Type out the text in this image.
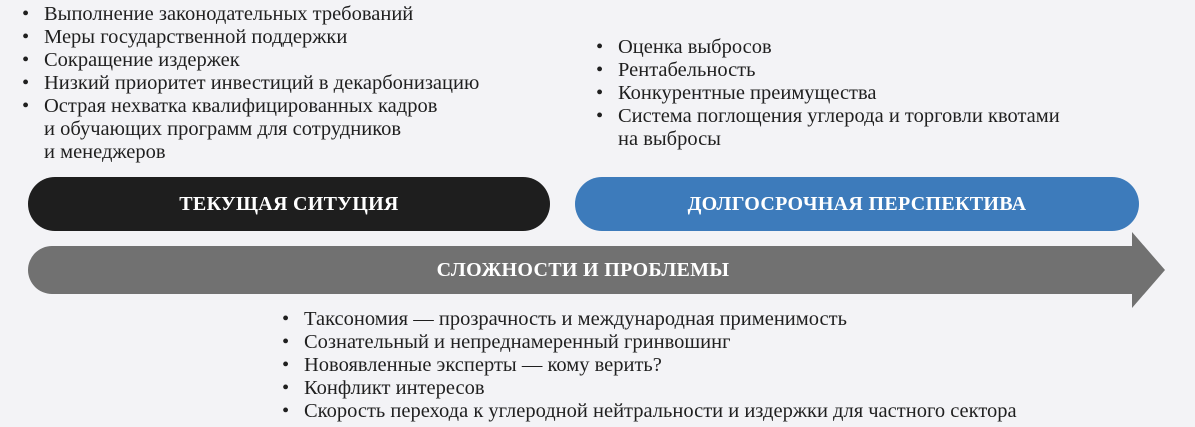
• Выполнение законодательных требований
• Меры государственной поддержки
• Сокращение издержек
• Низкий приоритет инвестиций в декарбонизацию
• Острая нехватка квалифицированных кадров
и обучающих программ для сотрудников
и менеджеров
• Оценка выбросов
• Рентабельность
• Конкурентные преимущества
• Система поглощения углерода и торговли квотами
на выбросы
ТЕКУЩАЯ СИТУЦИЯ	ДОЛГОСРОЧНАЯ ПЕРСПЕКТИВА
СЛОЖНОСТИ И ПРОБЛЕМЫ
• Таксономия — прозрачность и международная применимость
• Сознательный и непреднамеренный гринвошинг
• Новоявленные эксперты — кому верить?
• Конфликт интересов
• Скорость перехода к углеродной нейтральности и издержки для частного сектора
